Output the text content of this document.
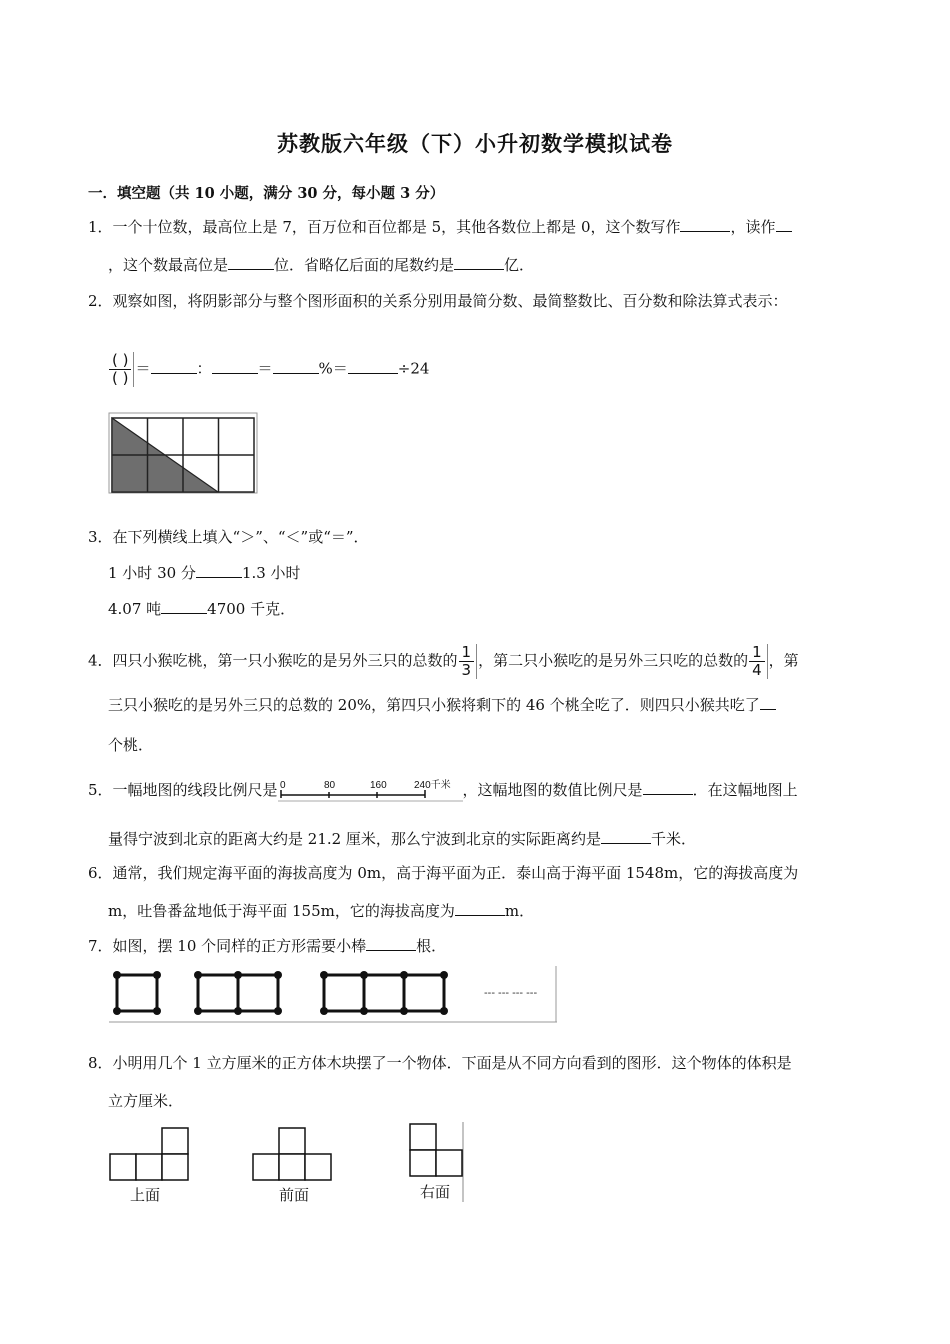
苏教版六年级（下）小升初数学模拟试卷
一．填空题（共 10 小题，满分 30 分，每小题 3 分）
1．一个十位数，最高位上是 7，百万位和百位都是 5，其他各数位上都是 0，这个数写作	，读作
，这个数最高位是	位．省略亿后面的尾数约是	亿．
2．观察如图，将阴影部分与整个图形面积的关系分别用最简分数、最简整数比、百分数和除法算式表示：
$\frac{( )}{( )}$ ＝	：	＝	%＝	÷24
3．在下列横线上填入“＞”、“＜”或“＝”．
1 小时 30 分	1.3 小时
4.07 吨	4700 千克．
4．四只小猴吃桃，第一只小猴吃的是另外三只的总数的 $\frac{1}{3}$ ，第二只小猴吃的是另外三只吃的总数的 $\frac{1}{4}$ ，第
三只小猴吃的是另外三只的总数的 20%，第四只小猴将剩下的 46 个桃全吃了．则四只小猴共吃了
个桃．
5．一幅地图的线段比例尺是 0	80	160	240千米 ，这幅地图的数值比例尺是	．在这幅地图上
量得宁波到北京的距离大约是 21.2 厘米，那么宁波到北京的实际距离约是	千米．
6．通常，我们规定海平面的海拔高度为 0m，高于海平面为正．泰山高于海平面 1548m，它的海拔高度为
m，吐鲁番盆地低于海平面 155m，它的海拔高度为	m．
7．如图，摆 10 个同样的正方形需要小棒	根．
--- --- --- ---
8．小明用几个 1 立方厘米的正方体木块摆了一个物体．下面是从不同方向看到的图形．这个物体的体积是
立方厘米．
上面	前面	右面
